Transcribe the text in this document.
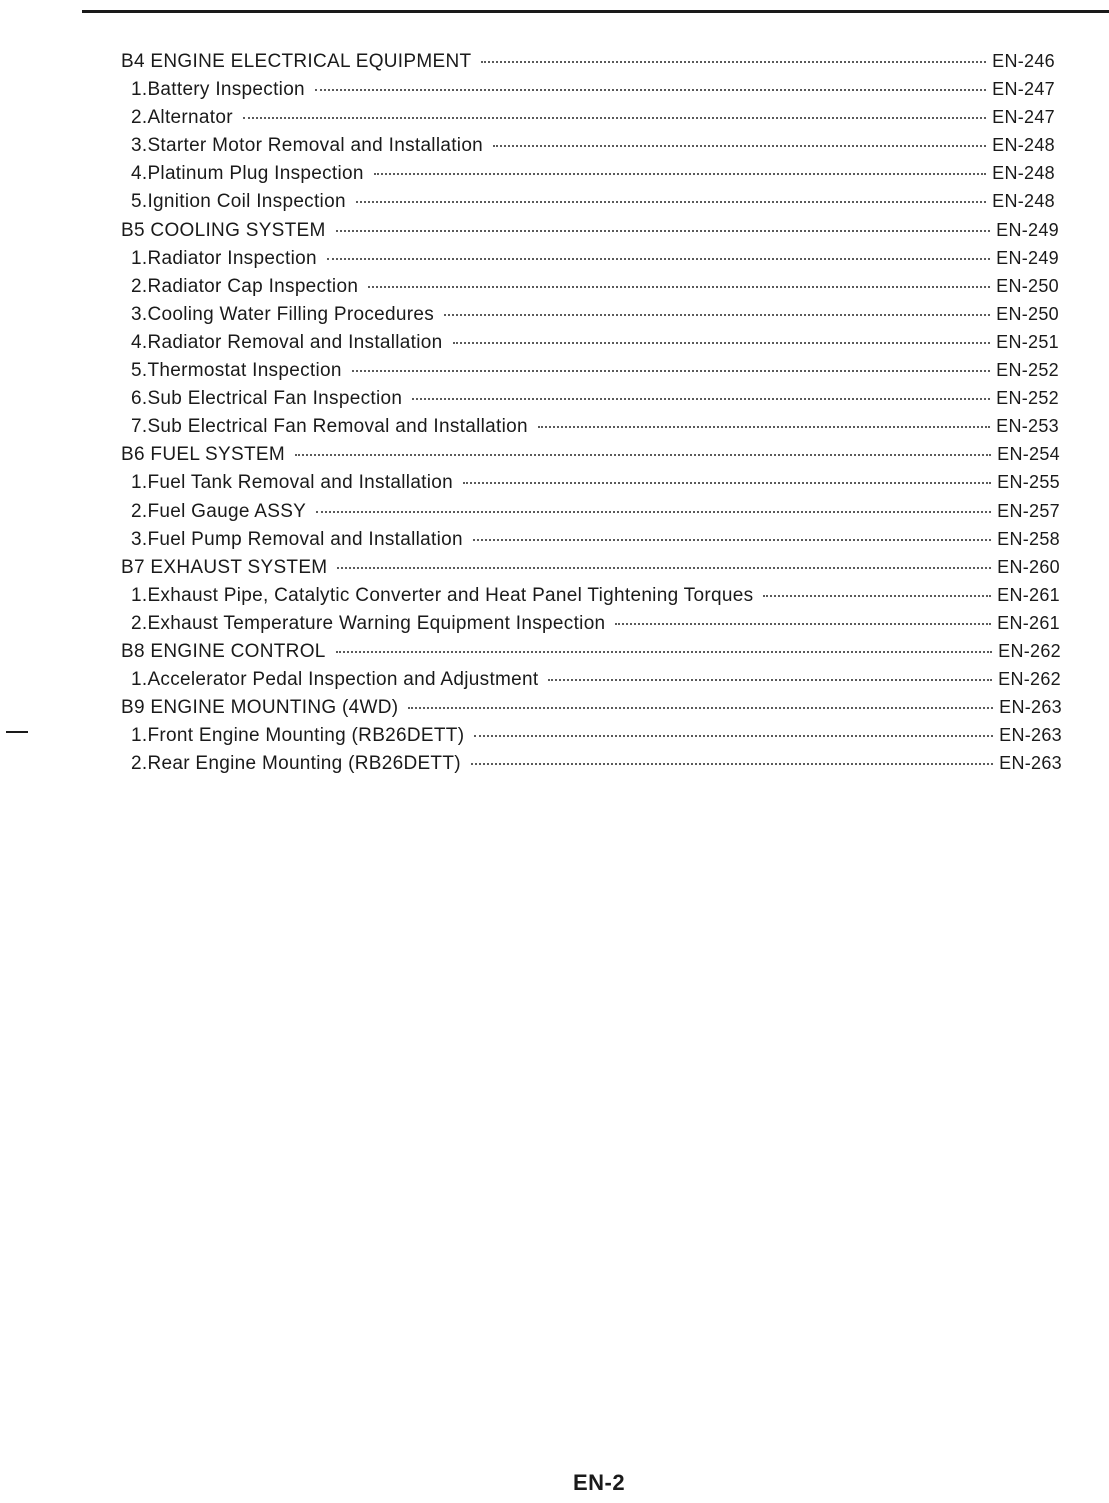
B4 ENGINE ELECTRICAL EQUIPMENT	EN-246
1.Battery Inspection	EN-247
2.Alternator	EN-247
3.Starter Motor Removal and Installation	EN-248
4.Platinum Plug Inspection	EN-248
5.Ignition Coil Inspection	EN-248
B5 COOLING SYSTEM	EN-249
1.Radiator Inspection	EN-249
2.Radiator Cap Inspection	EN-250
3.Cooling Water Filling Procedures	EN-250
4.Radiator Removal and Installation	EN-251
5.Thermostat Inspection	EN-252
6.Sub Electrical Fan Inspection	EN-252
7.Sub Electrical Fan Removal and Installation	EN-253
B6 FUEL SYSTEM	EN-254
1.Fuel Tank Removal and Installation	EN-255
2.Fuel Gauge ASSY	EN-257
3.Fuel Pump Removal and Installation	EN-258
B7 EXHAUST SYSTEM	EN-260
1.Exhaust Pipe, Catalytic Converter and Heat Panel Tightening Torques	EN-261
2.Exhaust Temperature Warning Equipment Inspection	EN-261
B8 ENGINE CONTROL	EN-262
1.Accelerator Pedal Inspection and Adjustment	EN-262
B9 ENGINE MOUNTING (4WD)	EN-263
1.Front Engine Mounting (RB26DETT)	EN-263
2.Rear Engine Mounting (RB26DETT)	EN-263
EN-2
